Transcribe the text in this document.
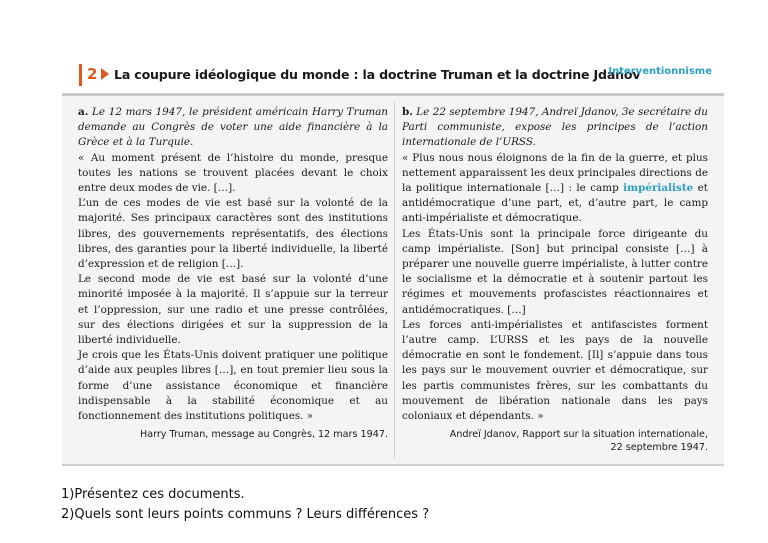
2 La coupure idéologique du monde : la doctrine Truman et la doctrine Jdanov
Interventionnisme

a. Le 12 mars 1947, le président américain Harry Truman demande au Congrès de voter une aide financière à la Grèce et à la Turquie.

« Au moment présent de l’histoire du monde, presque toutes les nations se trouvent placées devant le choix entre deux modes de vie. […].

L’un de ces modes de vie est basé sur la volonté de la majorité. Ses principaux caractères sont des institutions libres, des gouvernements représentatifs, des élections libres, des garanties pour la liberté individuelle, la liberté d’expression et de religion […].

Le second mode de vie est basé sur la volonté d’une minorité imposée à la majorité. Il s’appuie sur la terreur et l’oppression, sur une radio et une presse contrôlées, sur des élections dirigées et sur la suppression de la liberté individuelle.

Je crois que les États-Unis doivent pratiquer une politique d’aide aux peuples libres […], en tout premier lieu sous la forme d’une assistance économique et financière indispensable à la stabilité économique et au fonctionnement des institutions politiques. »

Harry Truman, message au Congrès, 12 mars 1947.

b. Le 22 septembre 1947, Andreï Jdanov, 3e secrétaire du Parti communiste, expose les principes de l’action internationale de l’URSS.

« Plus nous nous éloignons de la fin de la guerre, et plus nettement apparaissent les deux principales directions de la politique internationale […] : le camp impérialiste et antidémocratique d’une part, et, d’autre part, le camp anti-impérialiste et démocratique.

Les États-Unis sont la principale force dirigeante du camp impérialiste. [Son] but principal consiste […] à préparer une nouvelle guerre impérialiste, à lutter contre le socialisme et la démocratie et à soutenir partout les régimes et mouvements profascistes réactionnaires et antidémocratiques. […]

Les forces anti-impérialistes et antifascistes forment l’autre camp. L’URSS et les pays de la nouvelle démocratie en sont le fondement. [Il] s’appuie dans tous les pays sur le mouvement ouvrier et démocratique, sur les partis communistes frères, sur les combattants du mouvement de libération nationale dans les pays coloniaux et dépendants. »

Andreï Jdanov, Rapport sur la situation internationale,
22 septembre 1947.
1)Présentez ces documents.
2)Quels sont leurs points communs ? Leurs différences ?
